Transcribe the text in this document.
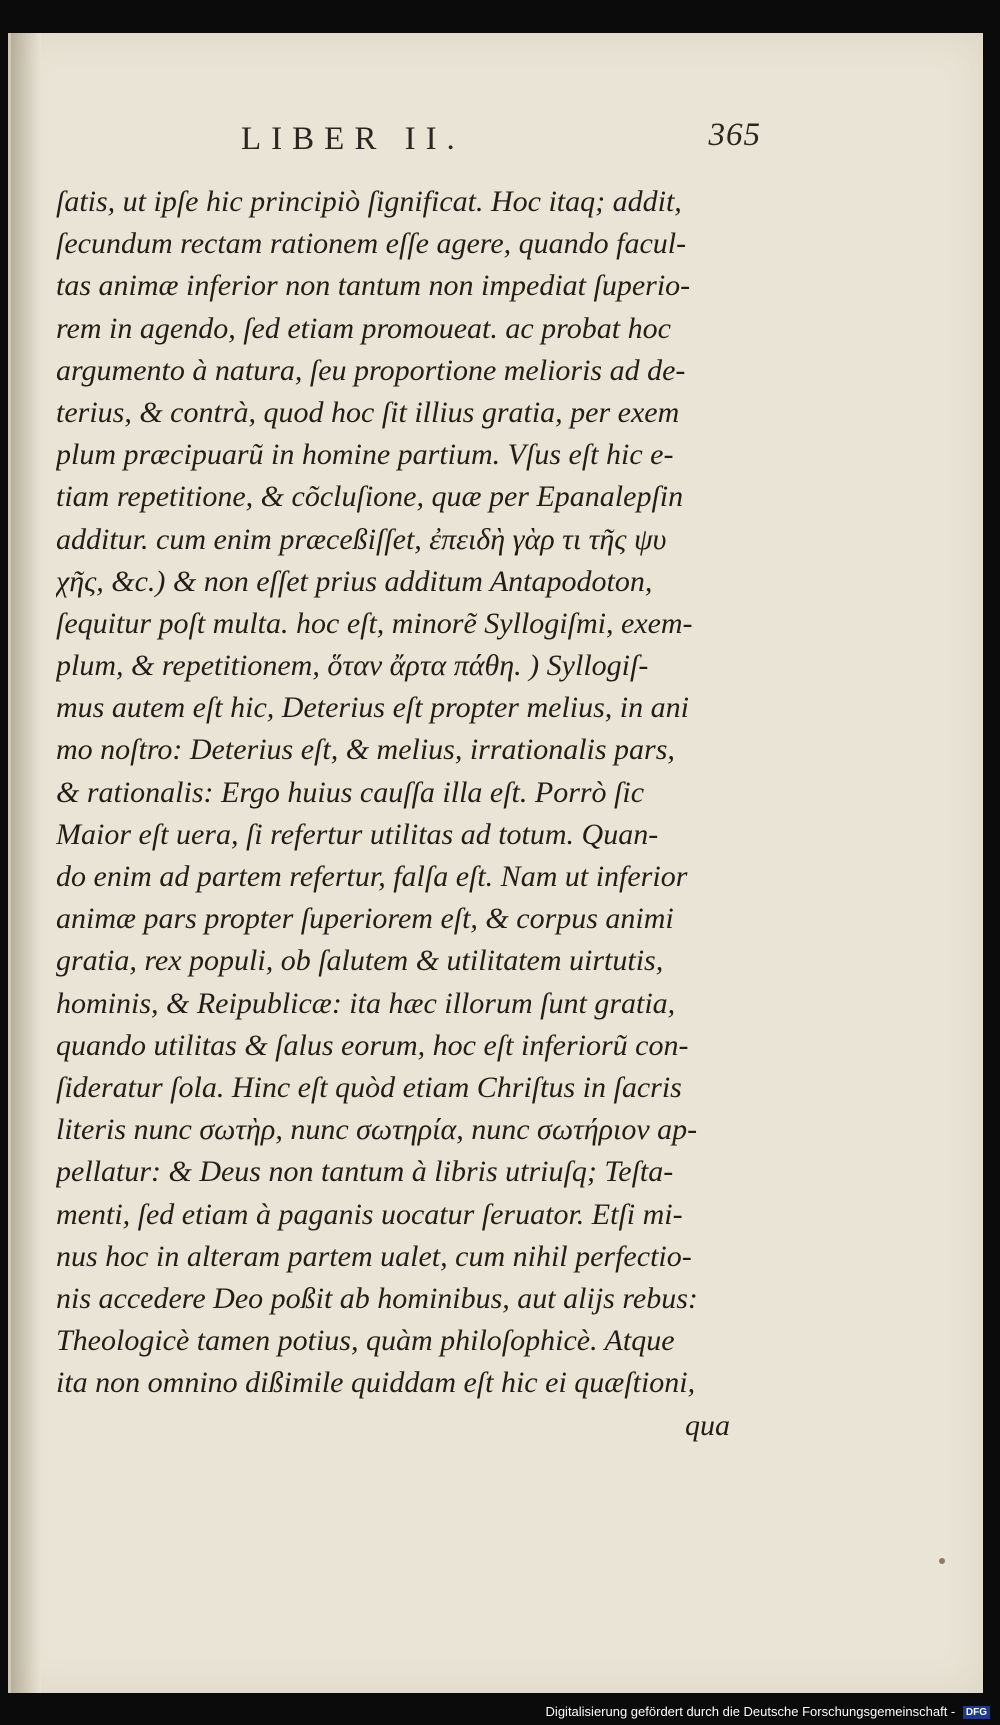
LIBER II.	365
ſatis, ut ipſe hic principiò ſignificat. Hoc itaq; addit,
ſecundum rectam rationem eſſe agere, quando facul-
tas animæ inferior non tantum non impediat ſuperio-
rem in agendo, ſed etiam promoueat. ac probat hoc
argumento à natura, ſeu proportione melioris ad de-
terius, & contrà, quod hoc ſit illius gratia, per exem
plum præcipuarũ in homine partium. Vſus eſt hic e-
tiam repetitione, & cõcluſione, quæ per Epanalepſin
additur. cum enim præceßiſſet, ἐπειδὴ γὰρ τι τῆς ψυ
χῆς, &c.) & non eſſet prius additum Antapodoton,
ſequitur poſt multa. hoc eſt, minorẽ Syllogiſmi, exem-
plum, & repetitionem, ὅταν ἄρτα πάθη. ) Syllogiſ-
mus autem eſt hic, Deterius eſt propter melius, in ani
mo noſtro: Deterius eſt, & melius, irrationalis pars,
& rationalis: Ergo huius cauſſa illa eſt. Porrò ſic
Maior eſt uera, ſi refertur utilitas ad totum. Quan-
do enim ad partem refertur, falſa eſt. Nam ut inferior
animæ pars propter ſuperiorem eſt, & corpus animi
gratia, rex populi, ob ſalutem & utilitatem uirtutis,
hominis, & Reipublicæ: ita hæc illorum ſunt gratia,
quando utilitas & ſalus eorum, hoc eſt inferiorũ con-
ſideratur ſola. Hinc eſt quòd etiam Chriſtus in ſacris
literis nunc σωτὴρ, nunc σωτηρία, nunc σωτήριον ap-
pellatur: & Deus non tantum à libris utriuſq; Teſta-
menti, ſed etiam à paganis uocatur ſeruator. Etſi mi-
nus hoc in alteram partem ualet, cum nihil perfectio-
nis accedere Deo poßit ab hominibus, aut aliјs rebus:
Theologicè tamen potius, quàm philoſophicè. Atque
ita non omnino dißimile quiddam eſt hic ei quæſtioni,
qua
Digitalisierung gefördert durch die Deutsche Forschungsgemeinschaft - DFG
